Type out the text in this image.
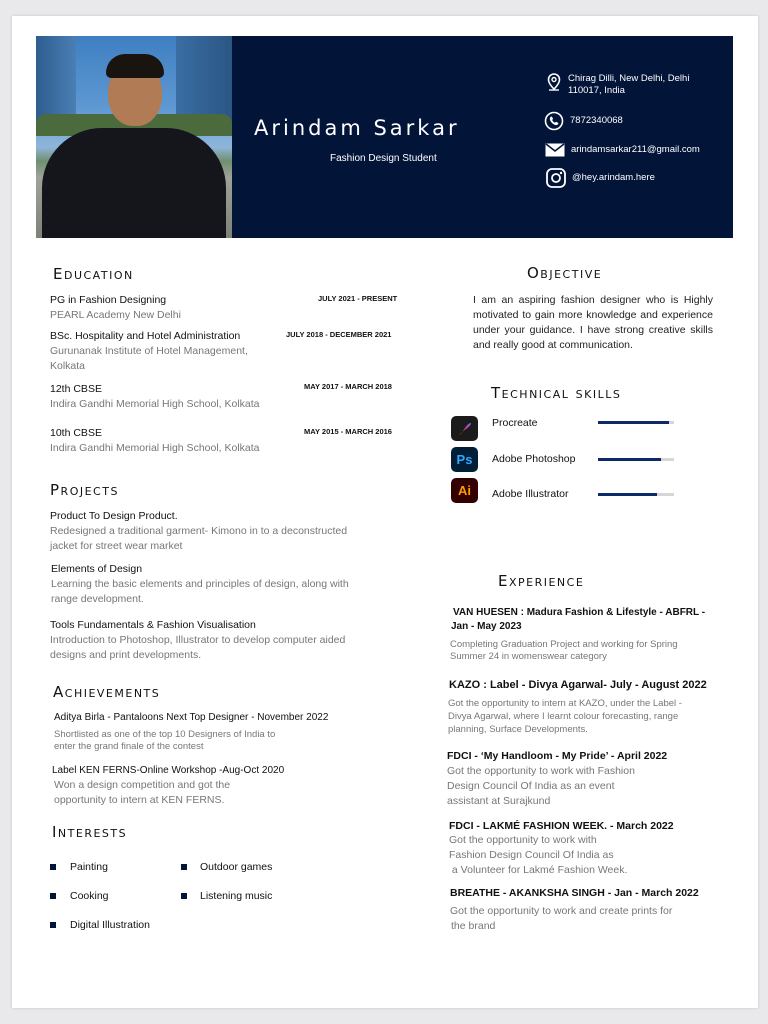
Arindam Sarkar
Fashion Design Student
Chirag Dilli, New Delhi, Delhi
110017, India
7872340068
arindamsarkar211@gmail.com
@hey.arindam.here
Education
PG in Fashion Designing	JULY 2021 - PRESENT
PEARL Academy New Delhi
BSc. Hospitality and Hotel Administration	JULY 2018 - DECEMBER 2021
Gurunanak Institute of Hotel Management,
Kolkata
12th CBSE	MAY 2017 - MARCH 2018
Indira Gandhi Memorial High School, Kolkata
10th CBSE	MAY 2015 - MARCH 2016
Indira Gandhi Memorial High School, Kolkata
Projects
Product To Design Product.
Redesigned a traditional garment- Kimono in to a deconstructed
jacket for street wear market
Elements of Design
Learning the basic elements and principles of design, along with
range development.
Tools Fundamentals & Fashion Visualisation
Introduction to Photoshop, Illustrator to develop computer aided
designs and print developments.
Achievements
Aditya Birla - Pantaloons Next Top Designer - November 2022
Shortlisted as one of the top 10 Designers of India to
enter the grand finale of the contest
Label KEN FERNS-Online Workshop -Aug-Oct 2020
Won a design competition and got the
opportunity to intern at KEN FERNS.
Interests
Painting	Outdoor games
Cooking	Listening music
Digital Illustration
Objective
I am an aspiring fashion designer who is Highly motivated to gain more knowledge and experience under your guidance. I have strong creative skills and really good at communication.
Technical skills
Procreate
Ps	Adobe Photoshop
Ai	Adobe Illustrator
Experience
VAN HUESEN : Madura Fashion & Lifestyle - ABFRL -
Jan - May 2023
Completing Graduation Project and working for Spring
Summer 24 in womenswear category
KAZO : Label - Divya Agarwal- July - August 2022
Got the opportunity to intern at KAZO, under the Label -
Divya Agarwal, where I learnt colour forecasting, range
planning, Surface Developments.
FDCI - ‘My Handloom - My Pride’ - April 2022
Got the opportunity to work with Fashion
Design Council Of India as an event
assistant at Surajkund
FDCI - LAKMÉ FASHION WEEK. - March 2022
Got the opportunity to work with
Fashion Design Council Of India as
a Volunteer for Lakmé Fashion Week.
BREATHE - AKANKSHA SINGH - Jan - March 2022
Got the opportunity to work and create prints for
the brand
